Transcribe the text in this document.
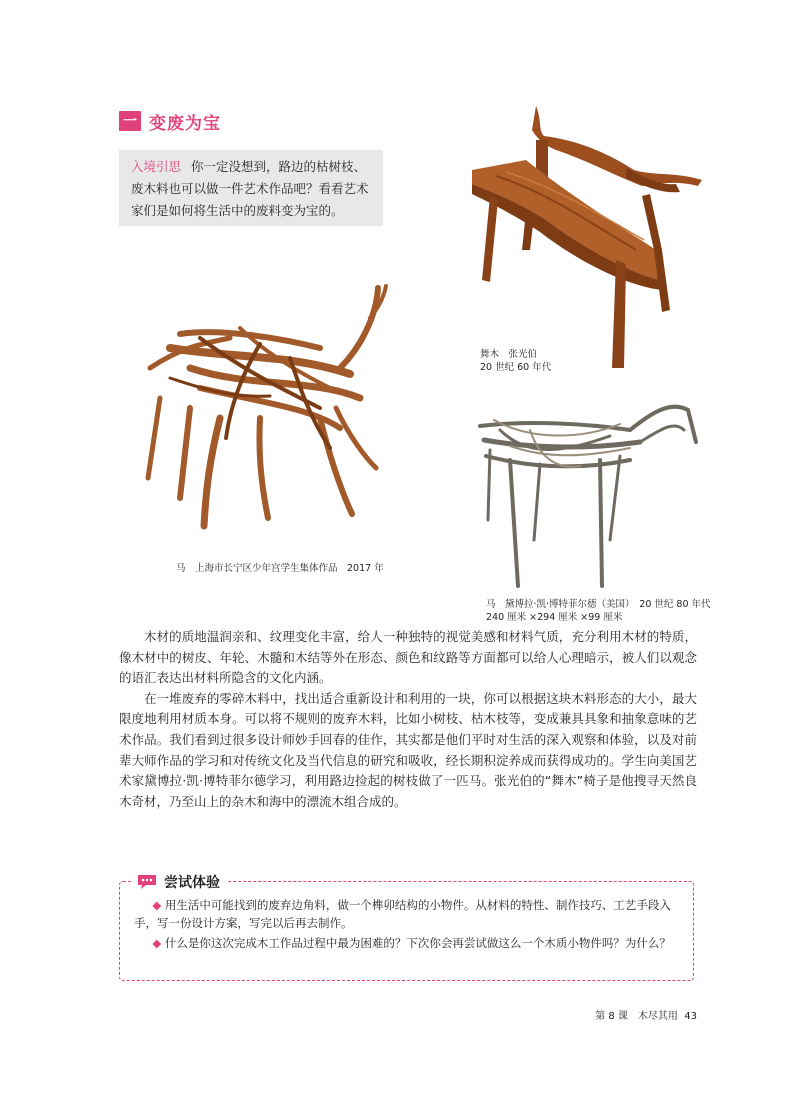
一 变废为宝
入境引思 你一定没想到，路边的枯树枝、废木料也可以做一件艺术作品吧？看看艺术家们是如何将生活中的废料变为宝的。
舞木　张光伯
20 世纪 60 年代
马　上海市长宁区少年宫学生集体作品　2017 年
马　黛博拉·凯·博特菲尔德（美国）　20 世纪 80 年代
240 厘米 ×294 厘米 ×99 厘米

木材的质地温润亲和、纹理变化丰富，给人一种独特的视觉美感和材料气质，充分利用木材的特质，像木材中的树皮、年轮、木髓和木结等外在形态、颜色和纹路等方面都可以给人心理暗示，被人们以观念的语汇表达出材料所隐含的文化内涵。

在一堆废弃的零碎木料中，找出适合重新设计和利用的一块，你可以根据这块木料形态的大小，最大限度地利用材质本身。可以将不规则的废弃木料，比如小树枝、枯木枝等，变成兼具具象和抽象意味的艺术作品。我们看到过很多设计师妙手回春的佳作，其实都是他们平时对生活的深入观察和体验，以及对前辈大师作品的学习和对传统文化及当代信息的研究和吸收，经长期积淀养成而获得成功的。学生向美国艺术家黛博拉·凯·博特菲尔德学习，利用路边捡起的树枝做了一匹马。张光伯的“舞木”椅子是他搜寻天然良木奇材，乃至山上的杂木和海中的漂流木组合成的。

尝试体验

◆ 用生活中可能找到的废弃边角料，做一个榫卯结构的小物件。从材料的特性、制作技巧、工艺手段入手，写一份设计方案，写完以后再去制作。

◆ 什么是你这次完成木工作品过程中最为困难的？下次你会再尝试做这么一个木质小物件吗？为什么？

第 8 课　木尽其用 43
